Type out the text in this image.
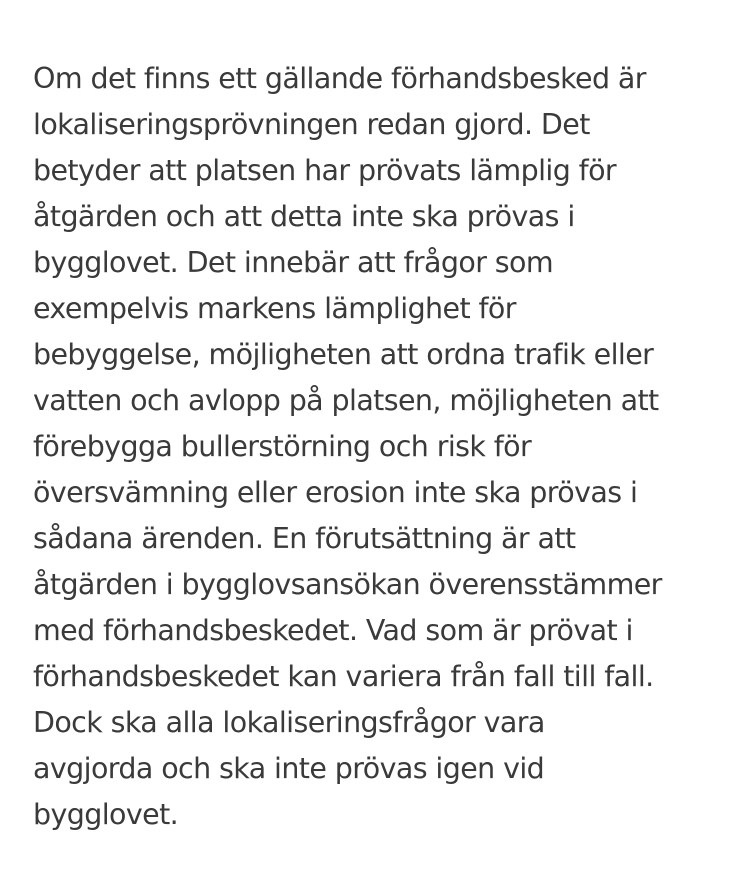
Om det finns ett gällande förhandsbesked är
lokaliseringsprövningen redan gjord. Det
betyder att platsen har prövats lämplig för
åtgärden och att detta inte ska prövas i
bygglovet. Det innebär att frågor som
exempelvis markens lämplighet för
bebyggelse, möjligheten att ordna trafik eller
vatten och avlopp på platsen, möjligheten att
förebygga bullerstörning och risk för
översvämning eller erosion inte ska prövas i
sådana ärenden. En förutsättning är att
åtgärden i bygglovsansökan överensstämmer
med förhandsbeskedet. Vad som är prövat i
förhandsbeskedet kan variera från fall till fall.
Dock ska alla lokaliseringsfrågor vara
avgjorda och ska inte prövas igen vid
bygglovet.
